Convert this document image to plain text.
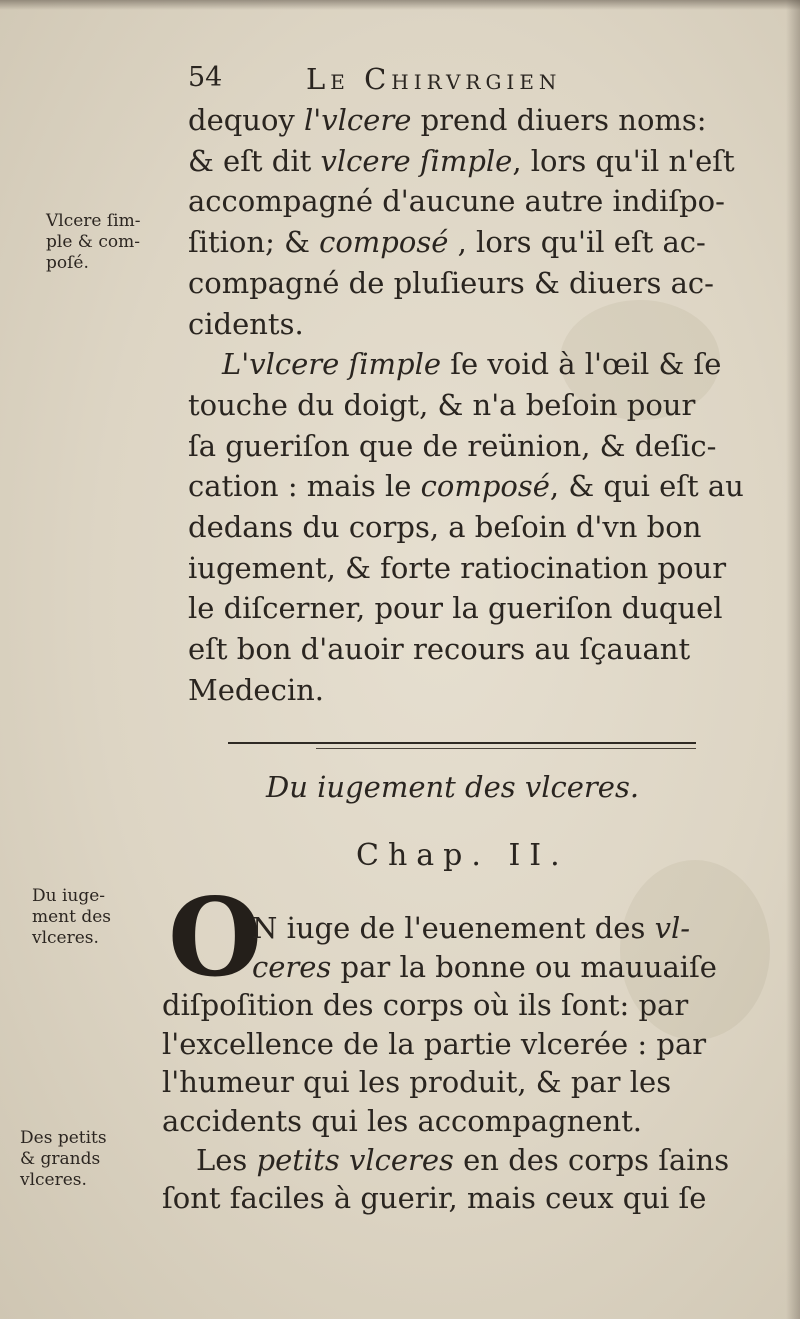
54	Le Chirvrgien
dequoy l'vlcere prend diuers noms:
& eſt dit vlcere ſimple, lors qu'il n'eſt
accompagné d'aucune autre indiſpo-
ſition; & composé , lors qu'il eſt ac-
compagné de pluſieurs & diuers ac-
cidents.
L'vlcere ſimple ſe void à l'œil & ſe
touche du doigt, & n'a beſoin pour
ſa gueriſon que de reünion, & deſic-
cation : mais le composé, & qui eſt au
dedans du corps, a beſoin d'vn bon
iugement, & forte ratiocination pour
le diſcerner, pour la gueriſon duquel
eſt bon d'auoir recours au ſçauant
Medecin.
Vlcere ſim-
ple & com-
poſé.
Du iugement des vlceres.
Chap. II.
O
N iuge de l'euenement des vl-
ceres par la bonne ou mauuaiſe
diſpoſition des corps où ils ſont: par
l'excellence de la partie vlcerée : par
l'humeur qui les produit, & par les
accidents qui les accompagnent.
Les petits vlceres en des corps ſains
ſont faciles à guerir, mais ceux qui ſe
Du iuge-
ment des
vlceres.
Des petits
& grands
vlceres.
